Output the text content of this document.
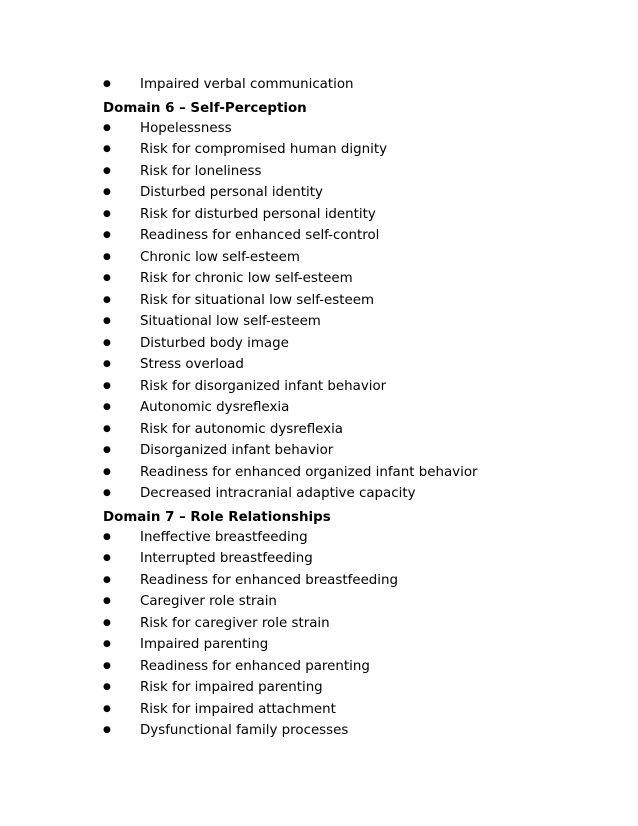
●	Impaired verbal communication
Domain 6 – Self-Perception
●	Hopelessness
●	Risk for compromised human dignity
●	Risk for loneliness
●	Disturbed personal identity
●	Risk for disturbed personal identity
●	Readiness for enhanced self-control
●	Chronic low self-esteem
●	Risk for chronic low self-esteem
●	Risk for situational low self-esteem
●	Situational low self-esteem
●	Disturbed body image
●	Stress overload
●	Risk for disorganized infant behavior
●	Autonomic dysreflexia
●	Risk for autonomic dysreflexia
●	Disorganized infant behavior
●	Readiness for enhanced organized infant behavior
●	Decreased intracranial adaptive capacity
Domain 7 – Role Relationships
●	Ineffective breastfeeding
●	Interrupted breastfeeding
●	Readiness for enhanced breastfeeding
●	Caregiver role strain
●	Risk for caregiver role strain
●	Impaired parenting
●	Readiness for enhanced parenting
●	Risk for impaired parenting
●	Risk for impaired attachment
●	Dysfunctional family processes
